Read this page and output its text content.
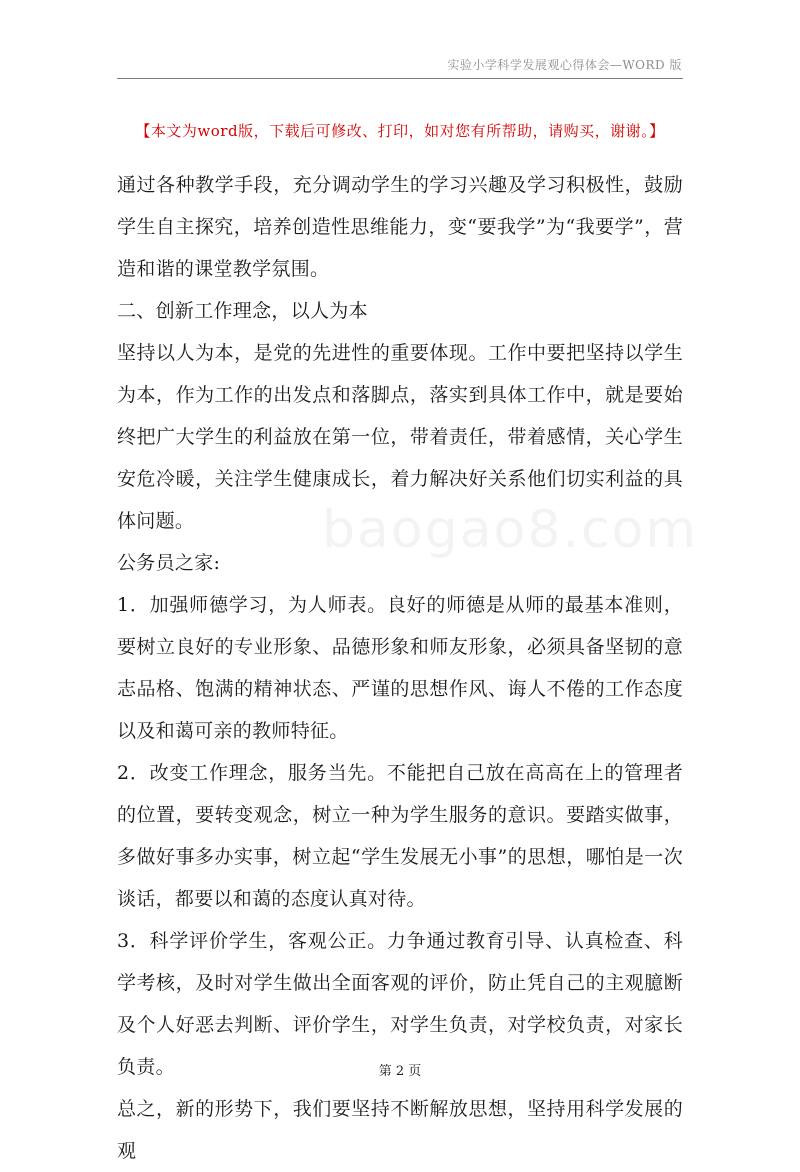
实验小学科学发展观心得体会—WORD 版
【本文为word版，下载后可修改、打印，如对您有所帮助，请购买，谢谢。】
baogao8.com

通过各种教学手段，充分调动学生的学习兴趣及学习积极性，鼓励学生自主探究，培养创造性思维能力，变“要我学”为“我要学”，营造和谐的课堂教学氛围。

二、创新工作理念，以人为本

坚持以人为本，是党的先进性的重要体现。工作中要把坚持以学生为本，作为工作的出发点和落脚点，落实到具体工作中，就是要始终把广大学生的利益放在第一位，带着责任，带着感情，关心学生安危冷暖，关注学生健康成长，着力解决好关系他们切实利益的具体问题。

公务员之家:

1．加强师德学习，为人师表。良好的师德是从师的最基本准则，要树立良好的专业形象、品德形象和师友形象，必须具备坚韧的意志品格、饱满的精神状态、严谨的思想作风、诲人不倦的工作态度以及和蔼可亲的教师特征。

2．改变工作理念，服务当先。不能把自己放在高高在上的管理者的位置，要转变观念，树立一种为学生服务的意识。要踏实做事，多做好事多办实事，树立起“学生发展无小事”的思想，哪怕是一次谈话，都要以和蔼的态度认真对待。

3．科学评价学生，客观公正。力争通过教育引导、认真检查、科学考核，及时对学生做出全面客观的评价，防止凭自己的主观臆断及个人好恶去判断、评价学生，对学生负责，对学校负责，对家长负责。

总之，新的形势下，我们要坚持不断解放思想，坚持用科学发展的观

第 2 页
